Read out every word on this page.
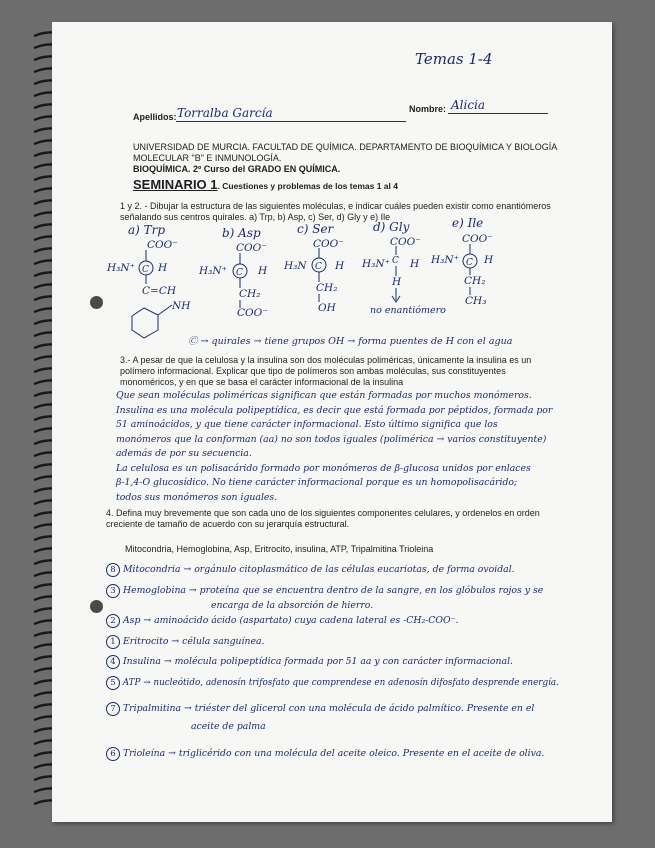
Temas 1-4
Apellidos: Torralba García	Nombre: Alicia
UNIVERSIDAD DE MURCIA. FACULTAD DE QUÍMICA. DEPARTAMENTO DE BIOQUÍMICA Y BIOLOGÍA
MOLECULAR "B" E INMUNOLOGÍA.
BIOQUÍMICA. 2º Curso del GRADO EN QUÍMICA.
SEMINARIO 1. Cuestiones y problemas de los temas 1 al 4
1 y 2. - Dibujar la estructura de las siguientes moléculas, e indicar cuáles pueden existir como enantiómeros
señalando sus centros quirales. a) Trp, b) Asp, c) Ser, d) Gly y e) Ile
a) Trp
COO⁻
H₃N⁺ H
C=CH
NH
b) Asp
COO⁻
H₃N⁺	H
CH₂
COO⁻
c) Ser
COO⁻
H₃N	H
CH₂
OH
d) Gly
COO⁻
H₃N⁺ H
H
no enantiómero
e) Ile
COO⁻
H₃N⁺ H
CH₂
CH₃
C	C
C
C	C
Ⓒ → quirales → tiene grupos OH → forma puentes de H con el agua
3.- A pesar de que la celulosa y la insulina son dos moléculas poliméricas, únicamente la insulina es un
polímero informacional. Explicar que tipo de polímeros son ambas moléculas, sus constituyentes
monoméricos, y en que se basa el carácter informacional de la insulina
Que sean moléculas poliméricas significan que están formadas por muchos monómeros.
Insulina es una molécula polipeptídica, es decir que está formada por péptidos, formada por
51 aminoácidos, y que tiene carácter informacional. Esto último significa que los
monómeros que la conforman (aa) no son todos iguales (polimérica → varios constituyente)
además de por su secuencia.
La celulosa es un polisacárido formado por monómeros de β-glucosa unidos por enlaces
β-1,4-O glucosídico. No tiene carácter informacional porque es un homopolisacárido;
todos sus monómeros son iguales.
4. Defina muy brevemente que son cada uno de los siguientes componentes celulares, y ordenelos en orden
creciente de tamaño de acuerdo con su jerarquía estructural.
Mitocondria, Hemoglobina, Asp, Eritrocito, insulina, ATP, Tripalmitina Trioleina
8 Mitocondria → orgánulo citoplasmático de las células eucariotas, de forma ovoidal.
3 Hemoglobina → proteína que se encuentra dentro de la sangre, en los glóbulos rojos y se
encarga de la absorción de hierro.
2 Asp → aminoácido ácido (aspartato) cuya cadena lateral es -CH₂-COO⁻.
1 Eritrocito → célula sanguínea.
4 Insulina → molécula polipeptídica formada por 51 aa y con carácter informacional.
5 ATP → nucleótido, adenosín trifosfato que comprendese en adenosín difosfato desprende energía.
7 Tripalmitina → triéster del glicerol con una molécula de ácido palmítico. Presente en el
aceite de palma
6 Trioleína → triglicérido con una molécula del aceite oleico. Presente en el aceite de oliva.
